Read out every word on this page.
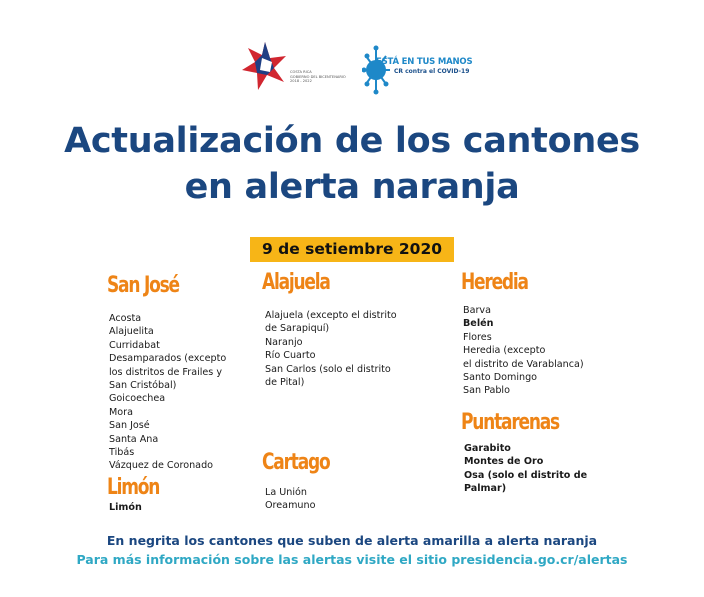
COSTA RICA
GOBIERNO DEL BICENTENARIO
2018 - 2022
ESTÁ EN TUS MANOS
CR contra el COVID-19
Actualización de los cantones
en alerta naranja
9 de setiembre 2020
San José
Acosta
Alajuelita
Curridabat
Desamparados (excepto
los distritos de Frailes y
San Cristóbal)
Goicoechea
Mora
San José
Santa Ana
Tibás
Vázquez de Coronado
Limón
Limón
Alajuela
Alajuela (excepto el distrito
de Sarapiquí)
Naranjo
Río Cuarto
San Carlos (solo el distrito
de Pital)
Cartago
La Unión
Oreamuno
Heredia
Barva
Belén
Flores
Heredia (excepto
el distrito de Varablanca)
Santo Domingo
San Pablo
Puntarenas
Garabito
Montes de Oro
Osa (solo el distrito de
Palmar)
En negrita los cantones que suben de alerta amarilla a alerta naranja
Para más información sobre las alertas visite el sitio presidencia.go.cr/alertas
